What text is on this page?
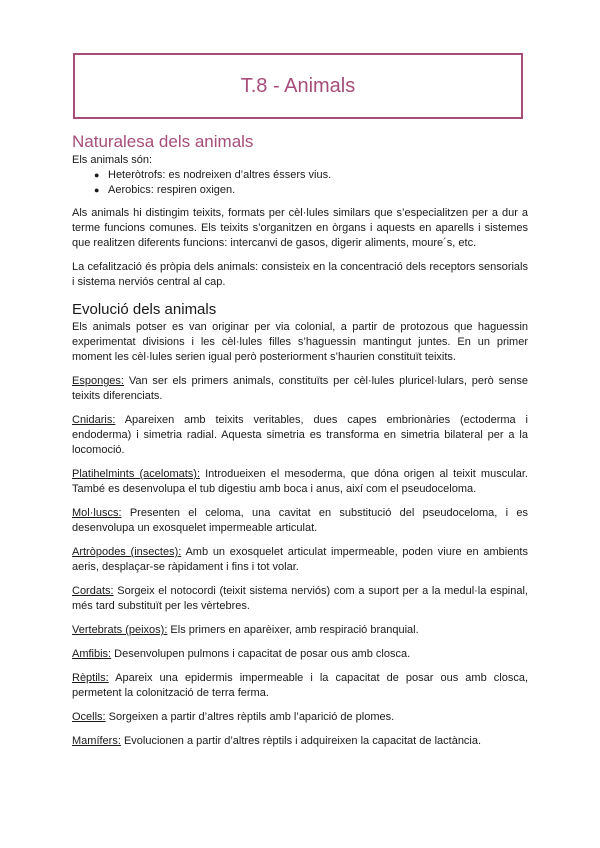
T.8 - Animals
Naturalesa dels animals

Els animals són:

● Heteròtrofs: es nodreixen d’altres éssers vius.
● Aerobics: respiren oxigen.

Als animals hi distingim teixits, formats per cèl·lules similars que s’especialitzen per a dur a terme funcions comunes. Els teixits s’organitzen en òrgans i aquests en aparells i sistemes que realitzen diferents funcions: intercanvi de gasos, digerir aliments, moure´s, etc.

La cefalització és pròpia dels animals: consisteix en la concentració dels receptors sensorials i sistema nerviós central al cap.

Evolució dels animals

Els animals potser es van originar per via colonial, a partir de protozous que haguessin experimentat divisions i les cèl·lules filles s’haguessin mantingut juntes. En un primer moment les cèl·lules serien igual però posteriorment s’haurien constituït teixits.

Esponges: Van ser els primers animals, constituïts per cèl·lules pluricel·lulars, però sense teixits diferenciats.

Cnidaris: Apareixen amb teixits veritables, dues capes embrionàries (ectoderma i endoderma) i simetria radial. Aquesta simetria es transforma en simetria bilateral per a la locomoció.

Platihelmints (acelomats): Introdueixen el mesoderma, que dóna origen al teixit muscular. També es desenvolupa el tub digestiu amb boca i anus, així com el pseudoceloma.

Mol·luscs: Presenten el celoma, una cavitat en substitució del pseudoceloma, i es desenvolupa un exosquelet impermeable articulat.

Artròpodes (insectes): Amb un exosquelet articulat impermeable, poden viure en ambients aeris, desplaçar-se ràpidament i fins i tot volar.

Cordats: Sorgeix el notocordi (teixit sistema nerviós) com a suport per a la medul·la espinal, més tard substituït per les vèrtebres.

Vertebrats (peixos): Els primers en aparèixer, amb respiració branquial.

Amfibis: Desenvolupen pulmons i capacitat de posar ous amb closca.

Rèptils: Apareix una epidermis impermeable i la capacitat de posar ous amb closca, permetent la colonització de terra ferma.

Ocells: Sorgeixen a partir d’altres rèptils amb l’aparició de plomes.

Mamífers: Evolucionen a partir d’altres rèptils i adquireixen la capacitat de lactància.
